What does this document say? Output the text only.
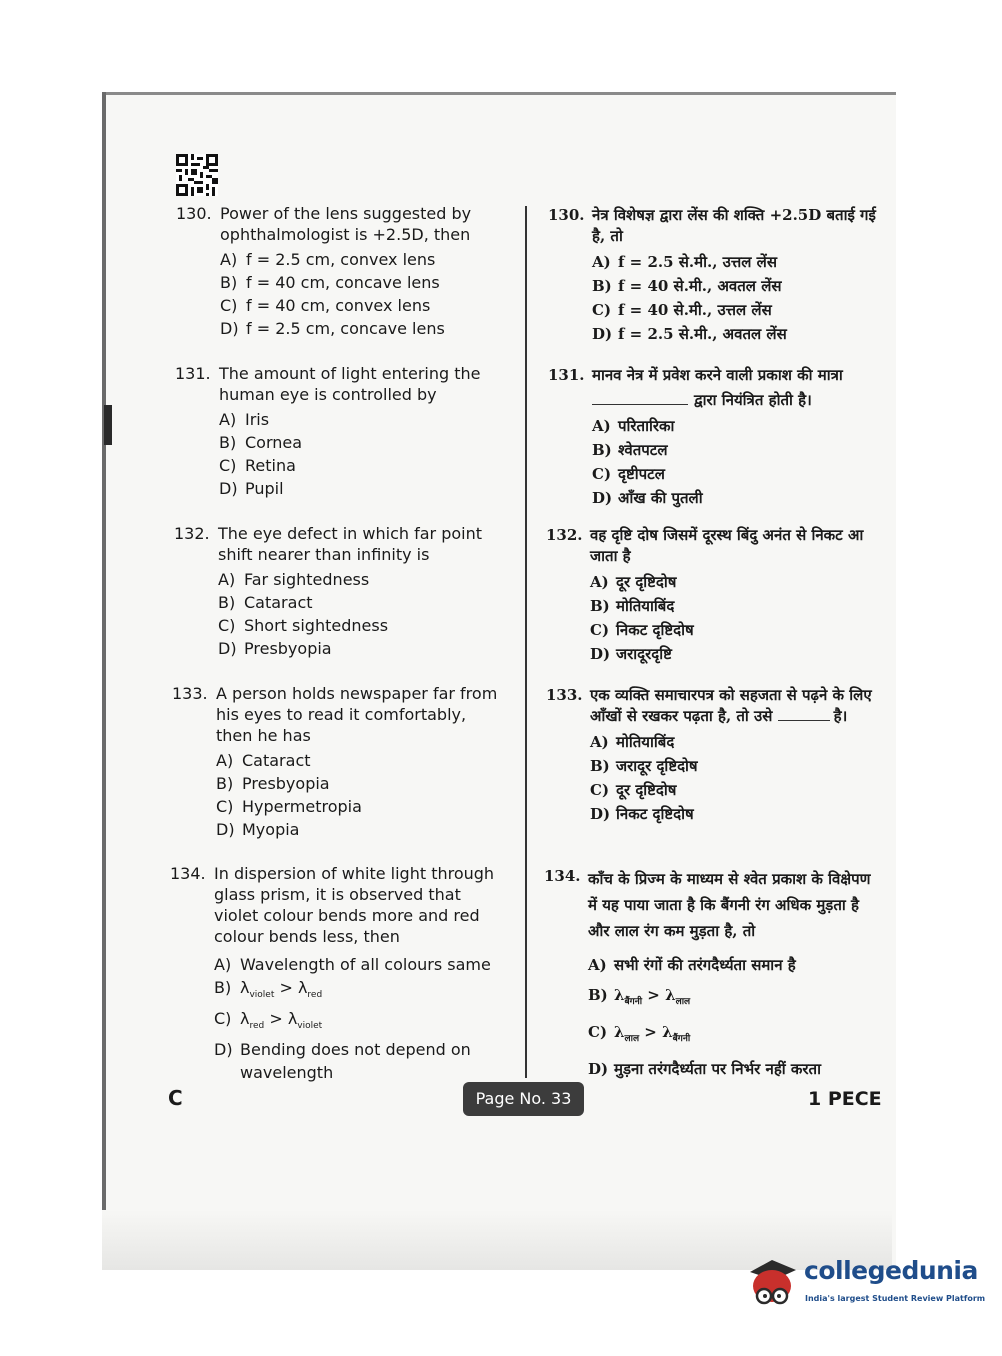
130. Power of the lens suggested by ophthalmologist is +2.5D, then
A) f = 2.5 cm, convex lens
B) f = 40 cm, concave lens
C) f = 40 cm, convex lens
D) f = 2.5 cm, concave lens
131. The amount of light entering the human eye is controlled by
A) Iris
B) Cornea
C) Retina
D) Pupil
132. The eye defect in which far point shift nearer than infinity is
A) Far sightedness
B) Cataract
C) Short sightedness
D) Presbyopia
133. A person holds newspaper far from his eyes to read it comfortably, then he has
A) Cataract
B) Presbyopia
C) Hypermetropia
D) Myopia
134. In dispersion of white light through glass prism, it is observed that violet colour bends more and red colour bends less, then
A) Wavelength of all colours same
B) $\lambda_{violet} > \lambda_{red}$
C) $\lambda_{red} > \lambda_{violet}$
D) Bending does not depend on wavelength
130. नेत्र विशेषज्ञ द्वारा लेंस की शक्ति +2.5D बताई गई है, तो
A) f = 2.5 से.मी., उत्तल लेंस
B) f = 40 से.मी., अवतल लेंस
C) f = 40 से.मी., उत्तल लेंस
D) f = 2.5 से.मी., अवतल लेंस
131. मानव नेत्र में प्रवेश करने वाली प्रकाश की मात्रा
द्वारा नियंत्रित होती है।
A) परितारिका
B) श्वेतपटल
C) दृष्टीपटल
D) आँख की पुतली
132. वह दृष्टि दोष जिसमें दूरस्थ बिंदु अनंत से निकट आ जाता है
A) दूर दृष्टिदोष
B) मोतियाबिंद
C) निकट दृष्टिदोष
D) जरादूरदृष्टि
133. एक व्यक्ति समाचारपत्र को सहजता से पढ़ने के लिए आँखों से रखकर पढ़ता है, तो उसे	है।
A) मोतियाबिंद
B) जरादूर दृष्टिदोष
C) दूर दृष्टिदोष
D) निकट दृष्टिदोष
134. काँच के प्रिज्म के माध्यम से श्वेत प्रकाश के विक्षेपण में यह पाया जाता है कि बैंगनी रंग अधिक मुड़ता है और लाल रंग कम मुड़ता है, तो
A) सभी रंगों की तरंगदैर्ध्यता समान है
B) $\lambda_{बैंगनी} > \lambda_{लाल}$
C) $\lambda_{लाल} > \lambda_{बैंगनी}$
D) मुड़ना तरंगदैर्ध्यता पर निर्भर नहीं करता
C	Page No. 33	1 PECE
collegedunia
India's largest Student Review Platform
